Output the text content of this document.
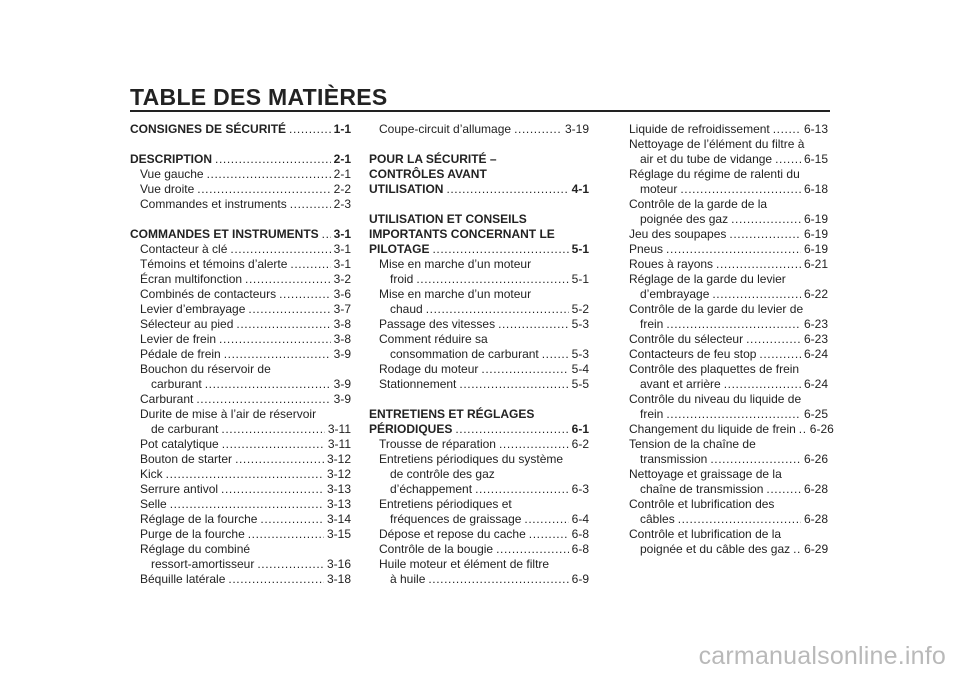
TABLE DES MATIÈRES
CONSIGNES DE SÉCURITÉ .....	1-1
DESCRIPTION .....	2-1
Vue gauche .....	2-1
Vue droite .....	2-2
Commandes et instruments .....	2-3
COMMANDES ET INSTRUMENTS ..... 3-1
Contacteur à clé .....	3-1
Témoins et témoins d’alerte .....	3-1
Écran multifonction .....	3-2
Combinés de contacteurs .....	3-6
Levier d’embrayage .....	3-7
Sélecteur au pied .....	3-8
Levier de frein .....	3-8
Pédale de frein .....	3-9
Bouchon du réservoir de
carburant .....	3-9
Carburant .....	3-9
Durite de mise à l’air de réservoir
de carburant .....	3-11
Pot catalytique .....	3-11
Bouton de starter .....	3-12
Kick .....	3-12
Serrure antivol .....	3-13
Selle .....	3-13
Réglage de la fourche .....	3-14
Purge de la fourche .....	3-15
Réglage du combiné
ressort-amortisseur .....	3-16
Béquille latérale .....	3-18
Coupe-circuit d’allumage .....	3-19
POUR LA SÉCURITÉ –
CONTRÔLES AVANT
UTILISATION .....	4-1
UTILISATION ET CONSEILS
IMPORTANTS CONCERNANT LE
PILOTAGE .....	5-1
Mise en marche d’un moteur
froid .....	5-1
Mise en marche d’un moteur
chaud .....	5-2
Passage des vitesses .....	5-3
Comment réduire sa
consommation de carburant .....	5-3
Rodage du moteur .....	5-4
Stationnement .....	5-5
ENTRETIENS ET RÉGLAGES
PÉRIODIQUES .....	6-1
Trousse de réparation .....	6-2
Entretiens périodiques du système
de contrôle des gaz
d’échappement .....	6-3
Entretiens périodiques et
fréquences de graissage .....	6-4
Dépose et repose du cache .....	6-8
Contrôle de la bougie .....	6-8
Huile moteur et élément de filtre
à huile .....	6-9
Liquide de refroidissement .....	6-13
Nettoyage de l’élément du filtre à
air et du tube de vidange .....	6-15
Réglage du régime de ralenti du
moteur .....	6-18
Contrôle de la garde de la
poignée des gaz .....	6-19
Jeu des soupapes .....	6-19
Pneus .....	6-19
Roues à rayons .....	6-21
Réglage de la garde du levier
d’embrayage .....	6-22
Contrôle de la garde du levier de
frein .....	6-23
Contrôle du sélecteur .....	6-23
Contacteurs de feu stop .....	6-24
Contrôle des plaquettes de frein
avant et arrière .....	6-24
Contrôle du niveau du liquide de
frein .....	6-25
Changement du liquide de frein ..... 6-26
Tension de la chaîne de
transmission .....	6-26
Nettoyage et graissage de la
chaîne de transmission .....	6-28
Contrôle et lubrification des
câbles .....	6-28
Contrôle et lubrification de la
poignée et du câble des gaz ..... 6-29
carmanualsonline.info
